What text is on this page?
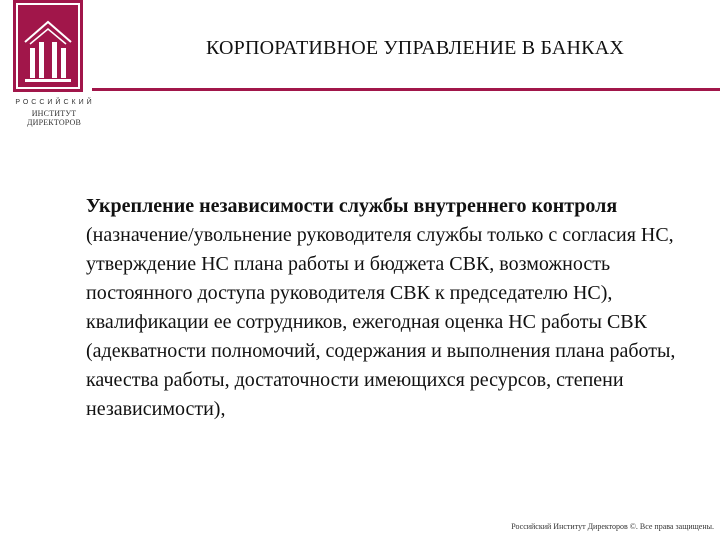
РОССИЙСКИЙ
ИНСТИТУТ ДИРЕКТОРОВ
КОРПОРАТИВНОЕ УПРАВЛЕНИЕ В БАНКАХ
Укрепление независимости службы внутреннего контроля (назначение/увольнение руководителя службы только с согласия НС, утверждение НС плана работы и бюджета СВК, возможность постоянного доступа руководителя СВК к председателю НС), квалификации ее сотрудников, ежегодная оценка НС работы СВК (адекватности полномочий, содержания и выполнения плана работы, качества работы, достаточности имеющихся ресурсов, степени независимости),
Российский Институт Директоров ©. Все права защищены.
